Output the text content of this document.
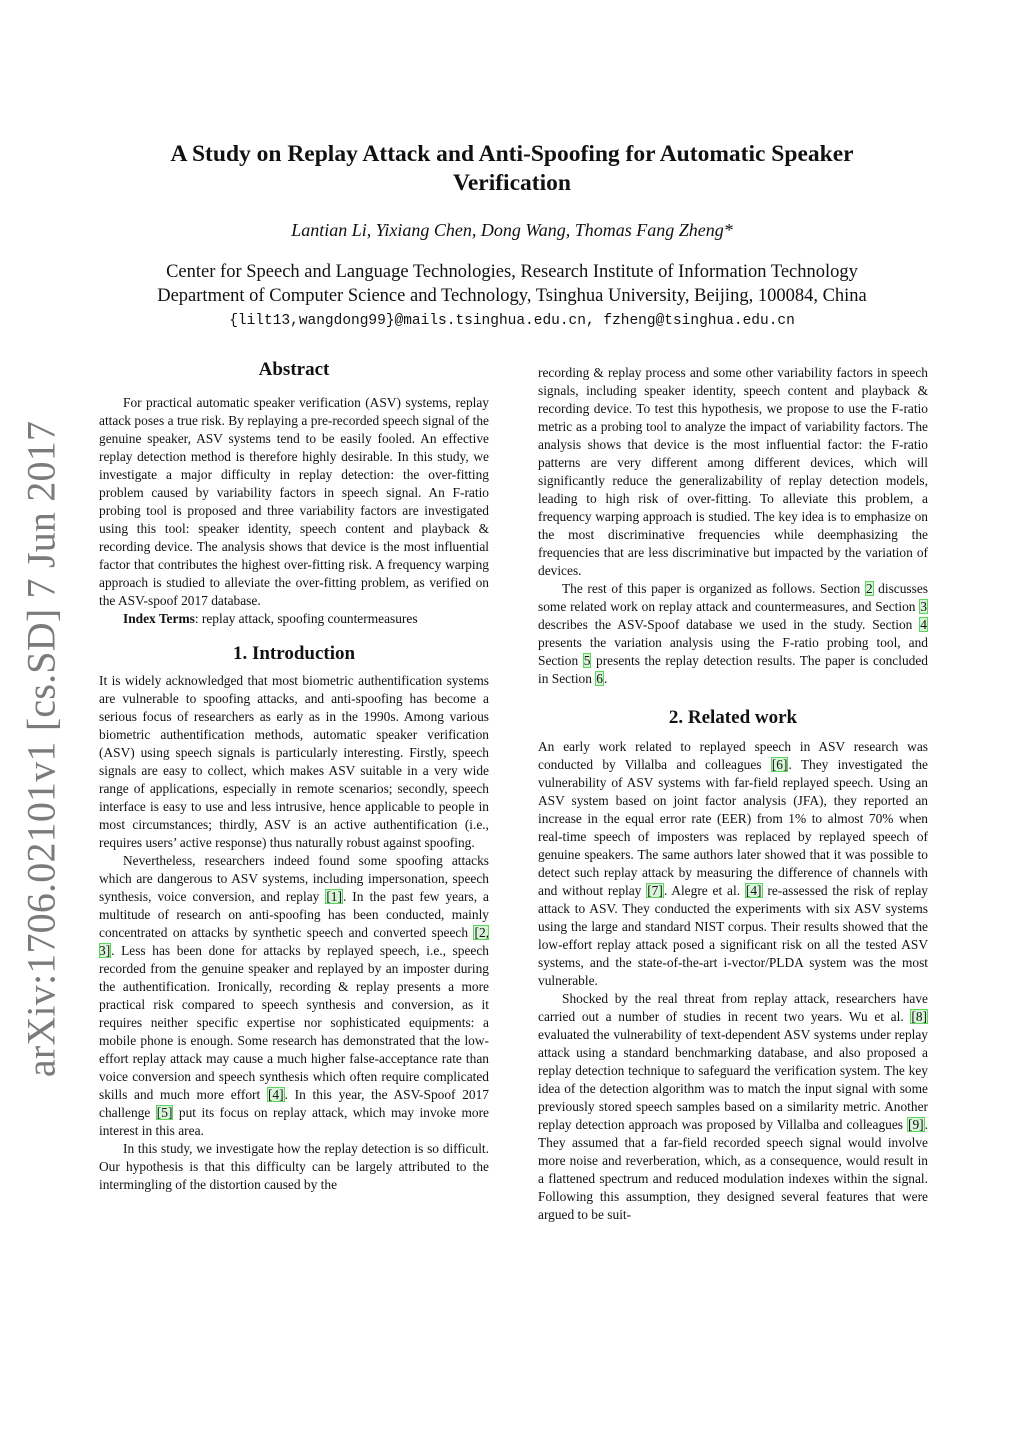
arXiv:1706.02101v1 [cs.SD] 7 Jun 2017
A Study on Replay Attack and Anti-Spoofing for Automatic Speaker
Verification
Lantian Li, Yixiang Chen, Dong Wang, Thomas Fang Zheng*
Center for Speech and Language Technologies, Research Institute of Information Technology
Department of Computer Science and Technology, Tsinghua University, Beijing, 100084, China
{lilt13,wangdong99}@mails.tsinghua.edu.cn, fzheng@tsinghua.edu.cn
Abstract

For practical automatic speaker verification (ASV) systems, replay attack poses a true risk. By replaying a pre-recorded speech signal of the genuine speaker, ASV systems tend to be easily fooled. An effective replay detection method is therefore highly desirable. In this study, we investigate a major difficulty in replay detection: the over-fitting problem caused by variability factors in speech signal. An F-ratio probing tool is proposed and three variability factors are investigated using this tool: speaker identity, speech content and playback & recording device. The analysis shows that device is the most influential factor that contributes the highest over-fitting risk. A frequency warping approach is studied to alleviate the over-fitting problem, as verified on the ASV-spoof 2017 database.

Index Terms: replay attack, spoofing countermeasures

1. Introduction

It is widely acknowledged that most biometric authentification systems are vulnerable to spoofing attacks, and anti-spoofing has become a serious focus of researchers as early as in the 1990s. Among various biometric authentification methods, automatic speaker verification (ASV) using speech signals is particularly interesting. Firstly, speech signals are easy to collect, which makes ASV suitable in a very wide range of applications, especially in remote scenarios; secondly, speech interface is easy to use and less intrusive, hence applicable to people in most circumstances; thirdly, ASV is an active authentification (i.e., requires users’ active response) thus naturally robust against spoofing.

Nevertheless, researchers indeed found some spoofing attacks which are dangerous to ASV systems, including impersonation, speech synthesis, voice conversion, and replay [1]. In the past few years, a multitude of research on anti-spoofing has been conducted, mainly concentrated on attacks by synthetic speech and converted speech [2, 3]. Less has been done for attacks by replayed speech, i.e., speech recorded from the genuine speaker and replayed by an imposter during the authentification. Ironically, recording & replay presents a more practical risk compared to speech synthesis and conversion, as it requires neither specific expertise nor sophisticated equipments: a mobile phone is enough. Some research has demonstrated that the low-effort replay attack may cause a much higher false-acceptance rate than voice conversion and speech synthesis which often require complicated skills and much more effort [4]. In this year, the ASV-Spoof 2017 challenge [5] put its focus on replay attack, which may invoke more interest in this area.

In this study, we investigate how the replay detection is so difficult. Our hypothesis is that this difficulty can be largely attributed to the intermingling of the distortion caused by the

recording & replay process and some other variability factors in speech signals, including speaker identity, speech content and playback & recording device. To test this hypothesis, we propose to use the F-ratio metric as a probing tool to analyze the impact of variability factors. The analysis shows that device is the most influential factor: the F-ratio patterns are very different among different devices, which will significantly reduce the generalizability of replay detection models, leading to high risk of over-fitting. To alleviate this problem, a frequency warping approach is studied. The key idea is to emphasize on the most discriminative frequencies while deemphasizing the frequencies that are less discriminative but impacted by the variation of devices.

The rest of this paper is organized as follows. Section 2 discusses some related work on replay attack and countermeasures, and Section 3 describes the ASV-Spoof database we used in the study. Section 4 presents the variation analysis using the F-ratio probing tool, and Section 5 presents the replay detection results. The paper is concluded in Section 6.

2. Related work

An early work related to replayed speech in ASV research was conducted by Villalba and colleagues [6]. They investigated the vulnerability of ASV systems with far-field replayed speech. Using an ASV system based on joint factor analysis (JFA), they reported an increase in the equal error rate (EER) from 1% to almost 70% when real-time speech of imposters was replaced by replayed speech of genuine speakers. The same authors later showed that it was possible to detect such replay attack by measuring the difference of channels with and without replay [7]. Alegre et al. [4] re-assessed the risk of replay attack to ASV. They conducted the experiments with six ASV systems using the large and standard NIST corpus. Their results showed that the low-effort replay attack posed a significant risk on all the tested ASV systems, and the state-of-the-art i-vector/PLDA system was the most vulnerable.

Shocked by the real threat from replay attack, researchers have carried out a number of studies in recent two years. Wu et al. [8] evaluated the vulnerability of text-dependent ASV systems under replay attack using a standard benchmarking database, and also proposed a replay detection technique to safeguard the verification system. The key idea of the detection algorithm was to match the input signal with some previously stored speech samples based on a similarity metric. Another replay detection approach was proposed by Villalba and colleagues [9]. They assumed that a far-field recorded speech signal would involve more noise and reverberation, which, as a consequence, would result in a flattened spectrum and reduced modulation indexes within the signal. Following this assumption, they designed several features that were argued to be suit-
